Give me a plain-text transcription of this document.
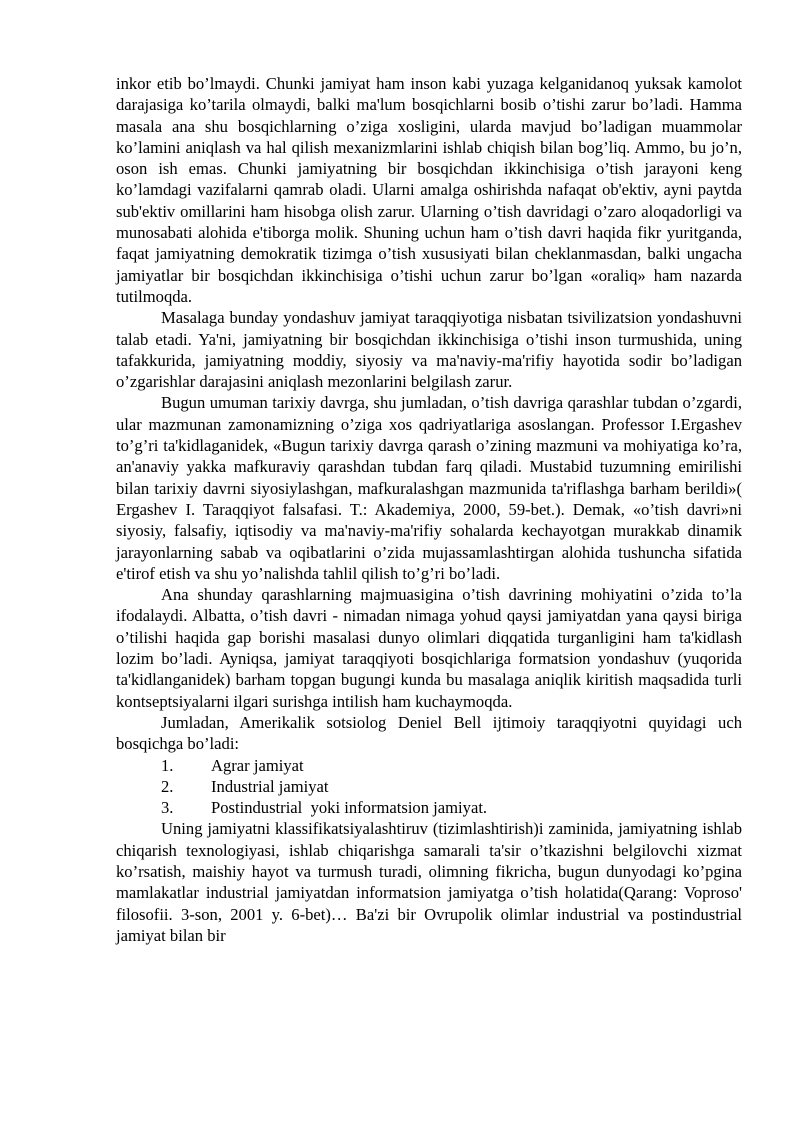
inkor etib bo’lmaydi. Chunki jamiyat ham inson kabi yuzaga kelganidanoq yuksak kamolot darajasiga ko’tarila olmaydi, balki ma'lum bosqichlarni bosib o’tishi zarur bo’ladi. Hamma masala ana shu bosqichlarning o’ziga xosligini, ularda mavjud bo’ladigan muammolar ko’lamini aniqlash va hal qilish mexanizmlarini ishlab chiqish bilan bog’liq. Ammo, bu jo’n, oson ish emas. Chunki jamiyatning bir bosqichdan ikkinchisiga o’tish jarayoni keng ko’lamdagi vazifalarni qamrab oladi. Ularni amalga oshirishda nafaqat ob'ektiv, ayni paytda sub'ektiv omillarini ham hisobga olish zarur. Ularning o’tish davridagi o’zaro aloqadorligi va munosabati alohida e'tiborga molik. Shuning uchun ham o’tish davri haqida fikr yuritganda, faqat jamiyatning demokratik tizimga o’tish xususiyati bilan cheklanmasdan, balki ungacha jamiyatlar bir bosqichdan ikkinchisiga o’tishi uchun zarur bo’lgan «oraliq» ham nazarda tutilmoqda.

Masalaga bunday yondashuv jamiyat taraqqiyotiga nisbatan tsivilizatsion yondashuvni talab etadi. Ya'ni, jamiyatning bir bosqichdan ikkinchisiga o’tishi inson turmushida, uning tafakkurida, jamiyatning moddiy, siyosiy va ma'naviy-ma'rifiy hayotida sodir bo’ladigan o’zgarishlar darajasini aniqlash mezonlarini belgilash zarur.

Bugun umuman tarixiy davrga, shu jumladan, o’tish davriga qarashlar tubdan o’zgardi, ular mazmunan zamonamizning o’ziga xos qadriyatlariga asoslangan. Professor I.Ergashev to’g’ri ta'kidlaganidek, «Bugun tarixiy davrga qarash o’zining mazmuni va mohiyatiga ko’ra, an'anaviy yakka mafkuraviy qarashdan tubdan farq qiladi. Mustabid tuzumning emirilishi bilan tarixiy davrni siyosiylashgan, mafkuralashgan mazmunida ta'riflashga barham berildi»( Ergashev I. Taraqqiyot falsafasi. T.: Akademiya, 2000, 59-bet.). Demak, «o’tish davri»ni siyosiy, falsafiy, iqtisodiy va ma'naviy-ma'rifiy sohalarda kechayotgan murakkab dinamik jarayonlarning sabab va oqibatlarini o’zida mujassamlashtirgan alohida tushuncha sifatida e'tirof etish va shu yo’nalishda tahlil qilish to’g’ri bo’ladi.

Ana shunday qarashlarning majmuasigina o’tish davrining mohiyatini o’zida to’la ifodalaydi. Albatta, o’tish davri - nimadan nimaga yohud qaysi jamiyatdan yana qaysi biriga o’tilishi haqida gap borishi masalasi dunyo olimlari diqqatida turganligini ham ta'kidlash lozim bo’ladi. Ayniqsa, jamiyat taraqqiyoti bosqichlariga formatsion yondashuv (yuqorida ta'kidlanganidek) barham topgan bugungi kunda bu masalaga aniqlik kiritish maqsadida turli kontseptsiyalarni ilgari surishga intilish ham kuchaymoqda.

Jumladan, Amerikalik sotsiolog Deniel Bell ijtimoiy taraqqiyotni quyidagi uch bosqichga bo’ladi:

1.	Agrar jamiyat
2.	Industrial jamiyat
3.	Postindustrial  yoki informatsion jamiyat.

Uning jamiyatni klassifikatsiyalashtiruv (tizimlashtirish)i zaminida, jamiyatning ishlab chiqarish texnologiyasi, ishlab chiqarishga samarali ta'sir o’tkazishni belgilovchi xizmat ko’rsatish, maishiy hayot va turmush turadi, olimning fikricha, bugun dunyodagi ko’pgina mamlakatlar industrial jamiyatdan informatsion jamiyatga o’tish holatida(Qarang: Voproso' filosofii. 3-son, 2001 y. 6-bet)… Ba'zi bir Ovrupolik olimlar industrial va postindustrial jamiyat bilan bir
